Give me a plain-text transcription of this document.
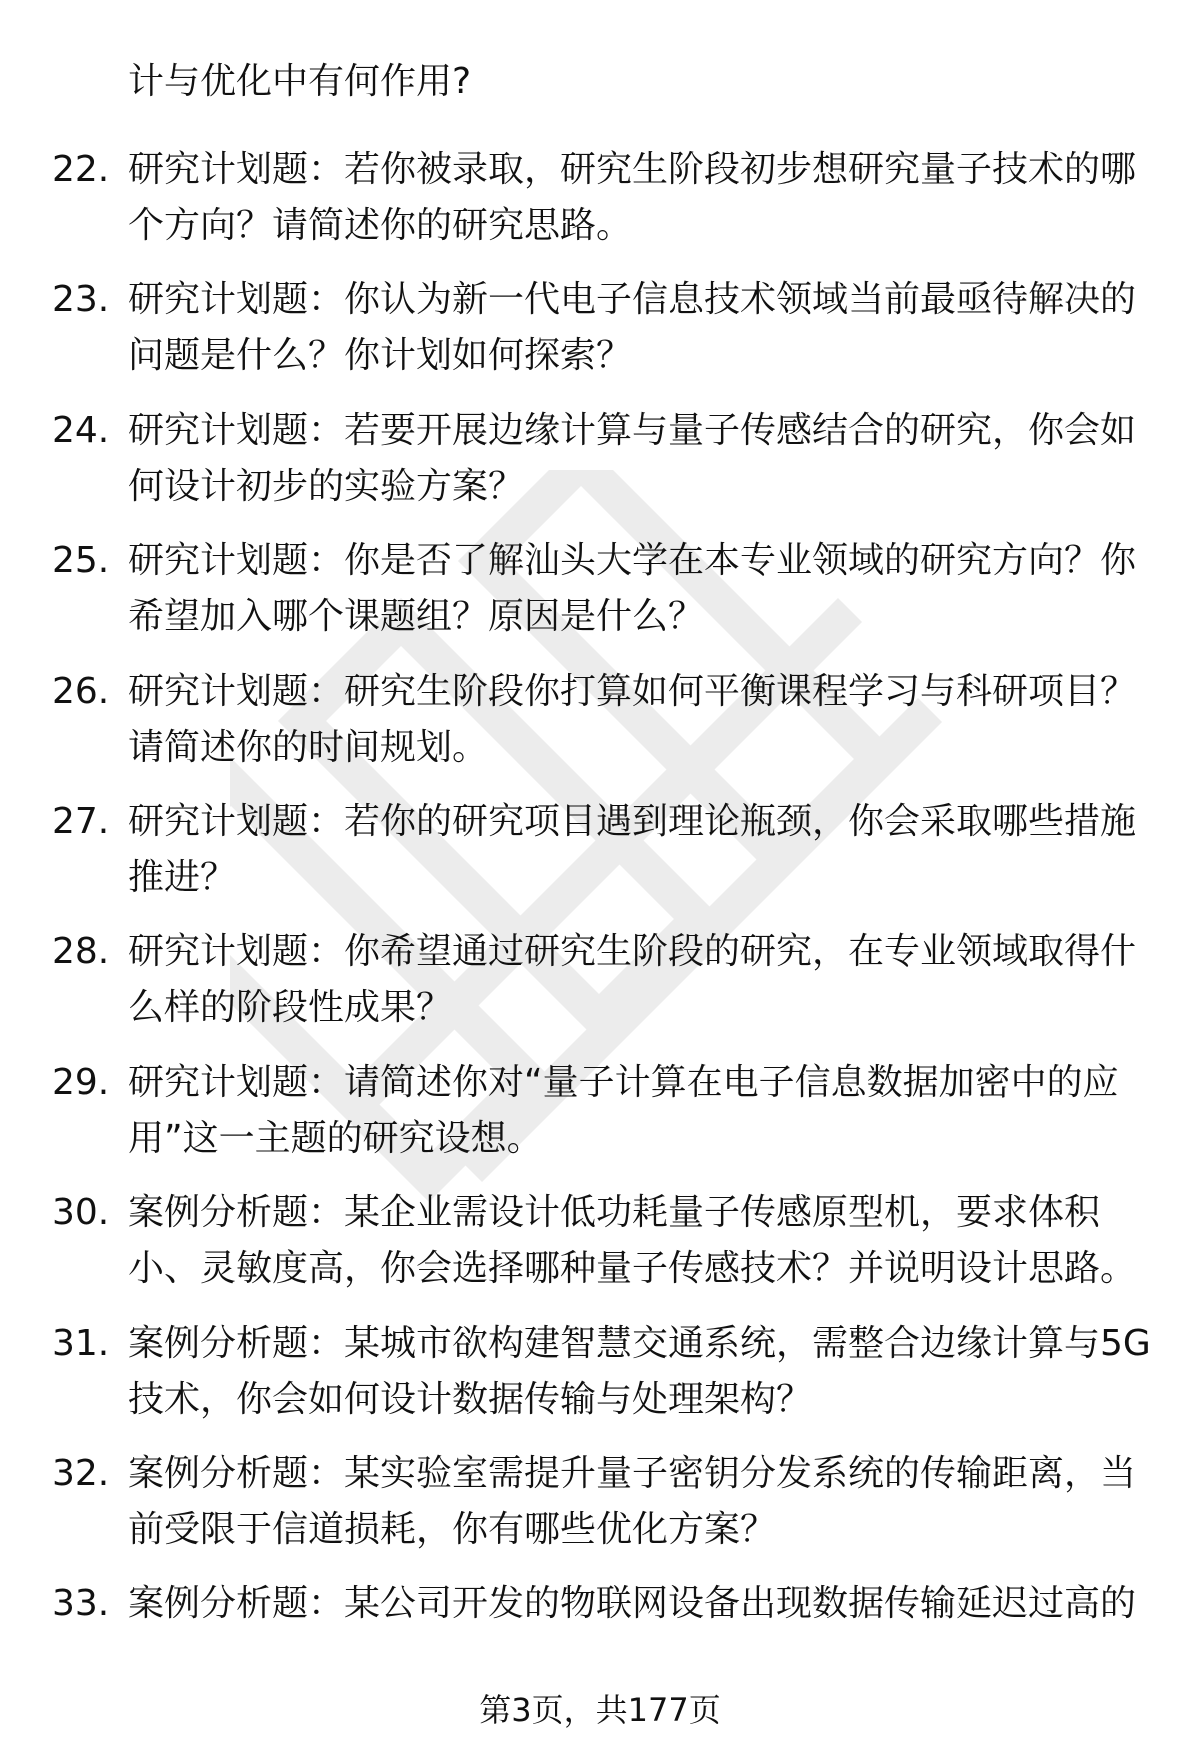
计与优化中有何作用?
22. 研究计划题：若你被录取，研究生阶段初步想研究量子技术的哪
个方向？请简述你的研究思路。
23. 研究计划题：你认为新一代电子信息技术领域当前最亟待解决的
问题是什么？你计划如何探索？
24. 研究计划题：若要开展边缘计算与量子传感结合的研究，你会如
何设计初步的实验方案？
25. 研究计划题：你是否了解汕头大学在本专业领域的研究方向？你
希望加入哪个课题组？原因是什么？
26. 研究计划题：研究生阶段你打算如何平衡课程学习与科研项目？
请简述你的时间规划。
27. 研究计划题：若你的研究项目遇到理论瓶颈，你会采取哪些措施
推进？
28. 研究计划题：你希望通过研究生阶段的研究，在专业领域取得什
么样的阶段性成果？
29. 研究计划题：请简述你对“量子计算在电子信息数据加密中的应
用”这一主题的研究设想。
30. 案例分析题：某企业需设计低功耗量子传感原型机，要求体积
小、灵敏度高，你会选择哪种量子传感技术？并说明设计思路。
31. 案例分析题：某城市欲构建智慧交通系统，需整合边缘计算与5G
技术，你会如何设计数据传输与处理架构？
32. 案例分析题：某实验室需提升量子密钥分发系统的传输距离，当
前受限于信道损耗，你有哪些优化方案？
33. 案例分析题：某公司开发的物联网设备出现数据传输延迟过高的
第3页，共177页
